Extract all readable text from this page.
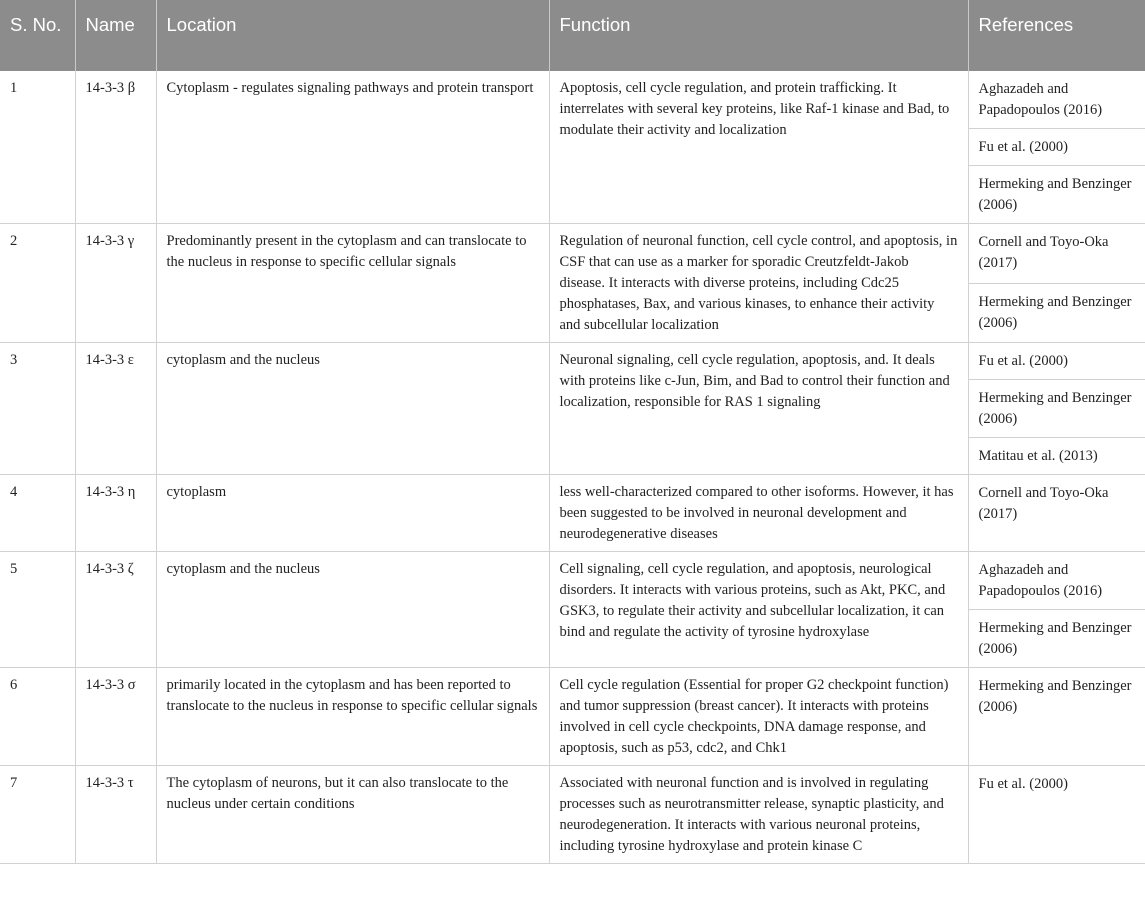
S. No.	Name	Location	Function	References
1	14-3-3 β	Cytoplasm - regulates signaling pathways and protein transport	Apoptosis, cell cycle regulation, and protein trafficking. It interrelates with several key proteins, like Raf-1 kinase and Bad, to modulate their activity and localization	Aghazadeh and Papadopoulos (2016)
				Fu et al. (2000)
				Hermeking and Benzinger (2006)
2	14-3-3 γ	Predominantly present in the cytoplasm and can translocate to the nucleus in response to specific cellular signals	Regulation of neuronal function, cell cycle control, and apoptosis, in CSF that can use as a marker for sporadic Creutzfeldt-Jakob disease. It interacts with diverse proteins, including Cdc25 phosphatases, Bax, and various kinases, to enhance their activity and subcellular localization	Cornell and Toyo-Oka (2017)
				Hermeking and Benzinger (2006)
3	14-3-3 ε	cytoplasm and the nucleus	Neuronal signaling, cell cycle regulation, apoptosis, and. It deals with proteins like c-Jun, Bim, and Bad to control their function and localization, responsible for RAS 1 signaling	Fu et al. (2000)
				Hermeking and Benzinger (2006)
				Matitau et al. (2013)
4	14-3-3 η	cytoplasm	less well-characterized compared to other isoforms. However, it has been suggested to be involved in neuronal development and neurodegenerative diseases	Cornell and Toyo-Oka (2017)
5	14-3-3 ζ	cytoplasm and the nucleus	Cell signaling, cell cycle regulation, and apoptosis, neurological disorders. It interacts with various proteins, such as Akt, PKC, and GSK3, to regulate their activity and subcellular localization, it can bind and regulate the activity of tyrosine hydroxylase	Aghazadeh and Papadopoulos (2016)
				Hermeking and Benzinger (2006)
6	14-3-3 σ	primarily located in the cytoplasm and has been reported to translocate to the nucleus in response to specific cellular signals	Cell cycle regulation (Essential for proper G2 checkpoint function) and tumor suppression (breast cancer). It interacts with proteins involved in cell cycle checkpoints, DNA damage response, and apoptosis, such as p53, cdc2, and Chk1	Hermeking and Benzinger (2006)
7	14-3-3 τ	The cytoplasm of neurons, but it can also translocate to the nucleus under certain conditions	Associated with neuronal function and is involved in regulating processes such as neurotransmitter release, synaptic plasticity, and neurodegeneration. It interacts with various neuronal proteins, including tyrosine hydroxylase and protein kinase C	Fu et al. (2000)
